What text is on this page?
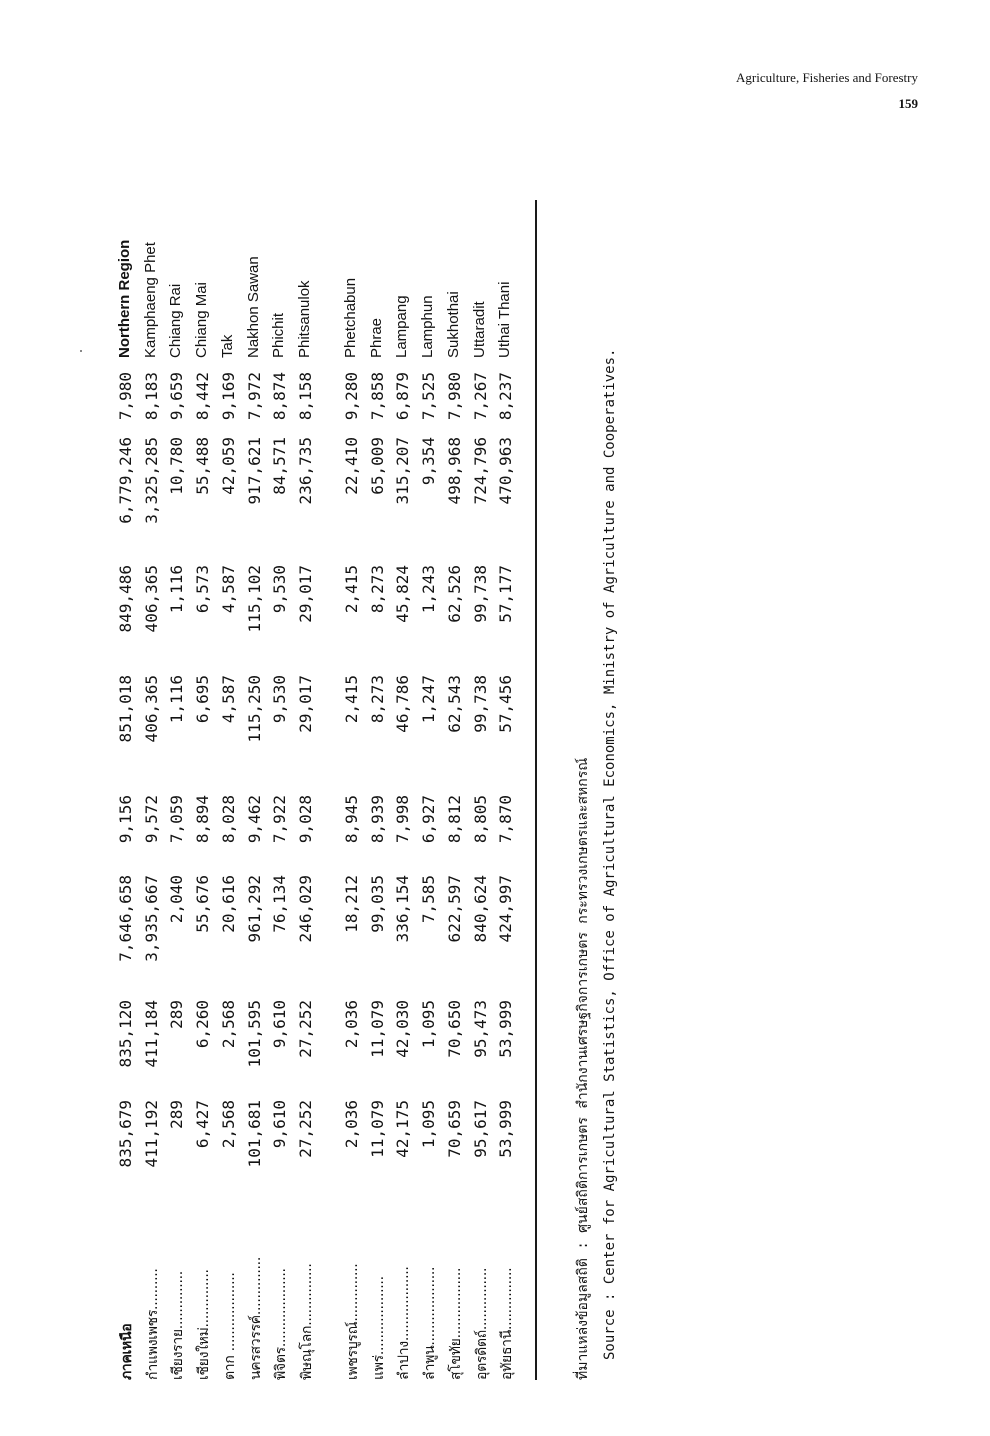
Agriculture, Fisheries and Forestry
159
ภาคเหนือ
835,679
835,120
7,646,658
9,156
851,018
849,486
6,779,246
7,980
Northern Region
กำแพงเพชร..........
411,192
411,184
3,935,667
9,572
406,365
406,365
3,325,285
8,183
Kamphaeng Phet
เชียงราย..............
289
289
2,040
7,059
1,116
1,116
10,780
9,659
Chiang Rai
เชียงใหม่..............
6,427
6,260
55,676
8,894
6,695
6,573
55,488
8,442
Chiang Mai
ตาก ...................
2,568
2,568
20,616
8,028
4,587
4,587
42,059
9,169
Tak
นครสวรรค์..............
101,681
101,595
961,292
9,462
115,250
115,102
917,621
7,972
Nakhon Sawan
พิจิตร...................
9,610
9,610
76,134
7,922
9,530
9,530
84,571
8,874
Phichit
พิษณุโลก...............
27,252
27,252
246,029
9,028
29,017
29,017
236,735
8,158
Phitsanulok
เพชรบูรณ์..............
2,036
2,036
18,212
8,945
2,415
2,415
22,410
9,280
Phetchabun
แพร่...................
11,079
11,079
99,035
8,939
8,273
8,273
65,009
7,858
Phrae
ลำปาง..................
42,175
42,030
336,154
7,998
46,786
45,824
315,207
6,879
Lampang
ลำพูน...................
1,095
1,095
7,585
6,927
1,247
1,243
9,354
7,525
Lamphun
สุโขทัย.................
70,659
70,650
622,597
8,812
62,543
62,526
498,968
7,980
Sukhothai
อุตรดิตถ์...............
95,617
95,473
840,624
8,805
99,738
99,738
724,796
7,267
Uttaradit
อุทัยธานี...............
53,999
53,999
424,997
7,870
57,456
57,177
470,963
8,237
Uthai Thani
ที่มาแหล่งข้อมูลสถิติ : ศูนย์สถิติการเกษตร สำนักงานเศรษฐกิจการเกษตร กระทรวงเกษตรและสหกรณ์ Source : Center for Agricultural Statistics, Office of Agricultural Economics, Ministry of Agriculture and Cooperatives.
